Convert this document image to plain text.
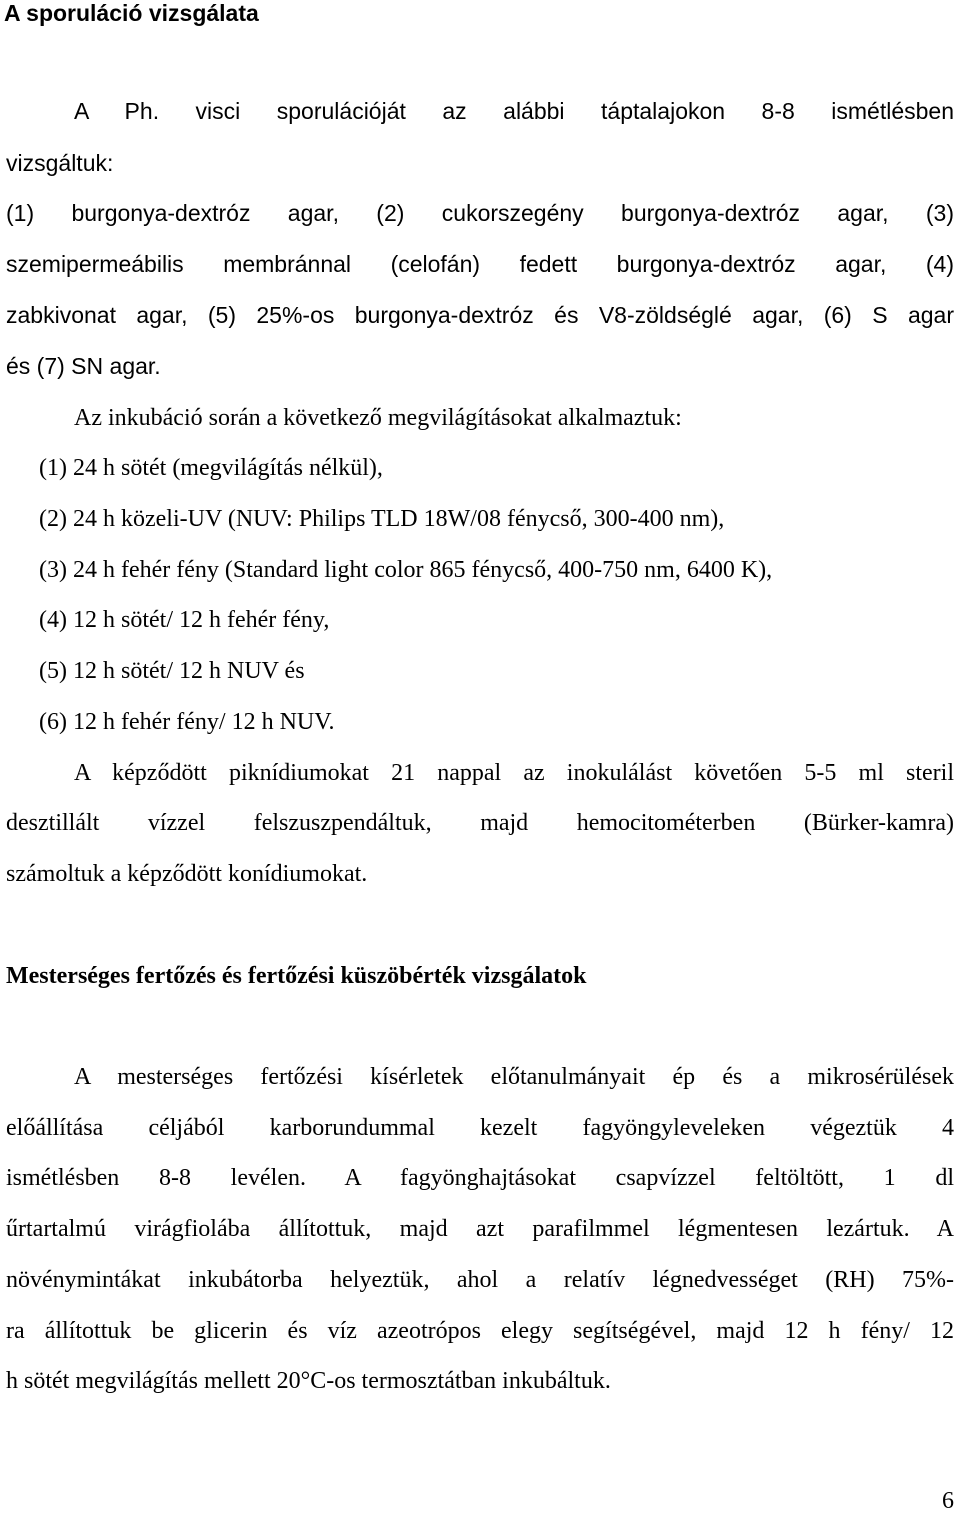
A sporuláció vizsgálata
A Ph. visci sporulációját az alábbi táptalajokon 8-8 ismétlésben
vizsgáltuk:
(1) burgonya-dextróz agar, (2) cukorszegény burgonya-dextróz agar, (3)
szemipermeábilis membránnal (celofán) fedett burgonya-dextróz agar, (4)
zabkivonat agar, (5) 25%-os burgonya-dextróz és V8-zöldséglé agar, (6) S agar
és (7) SN agar.
Az inkubáció során a következő megvilágításokat alkalmaztuk:
(1) 24 h sötét (megvilágítás nélkül),
(2) 24 h közeli-UV (NUV: Philips TLD 18W/08 fénycső, 300-400 nm),
(3) 24 h fehér fény (Standard light color 865 fénycső, 400-750 nm, 6400 K),
(4) 12 h sötét/ 12 h fehér fény,
(5) 12 h sötét/ 12 h NUV és
(6) 12 h fehér fény/ 12 h NUV.
A képződött piknídiumokat 21 nappal az inokulálást követően 5-5 ml steril
desztillált vízzel felszuszpendáltuk, majd hemocitométerben (Bürker-kamra)
számoltuk a képződött konídiumokat.
Mesterséges fertőzés és fertőzési küszöbérték vizsgálatok
A mesterséges fertőzési kísérletek előtanulmányait ép és a mikrosérülések
előállítása céljából karborundummal kezelt fagyöngyleveleken végeztük 4
ismétlésben 8-8 levélen. A fagyönghajtásokat csapvízzel feltöltött, 1 dl
űrtartalmú virágfiolába állítottuk, majd azt parafilmmel légmentesen lezártuk. A
növénymintákat inkubátorba helyeztük, ahol a relatív légnedvességet (RH) 75%-
ra állítottuk be glicerin és víz azeotrópos elegy segítségével, majd 12 h fény/ 12
h sötét megvilágítás mellett 20°C-os termosztátban inkubáltuk.
6
